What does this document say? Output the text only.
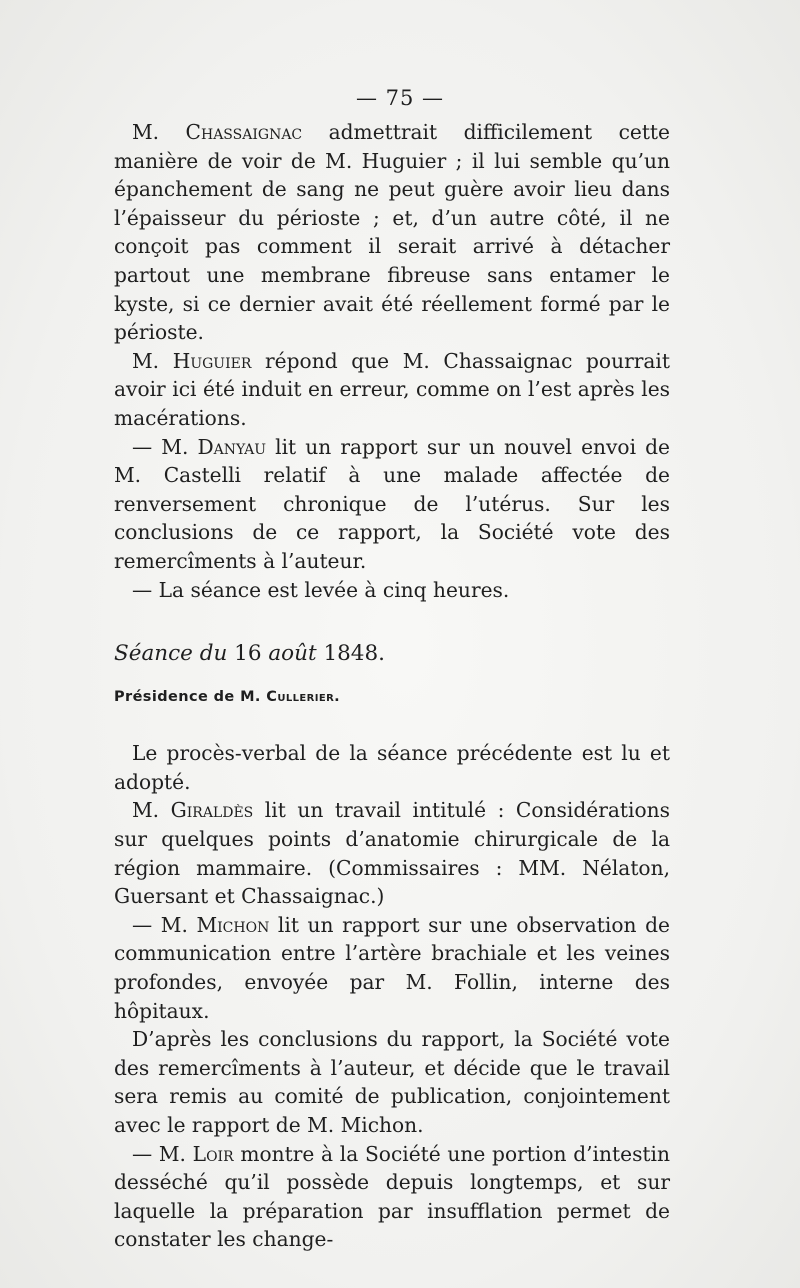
— 75 —

M. Chassaignac admettrait difficilement cette manière de voir de M. Huguier ; il lui semble qu’un épanchement de sang ne peut guère avoir lieu dans l’épaisseur du périoste ; et, d’un autre côté, il ne conçoit pas comment il serait arrivé à détacher partout une membrane fibreuse sans entamer le kyste, si ce dernier avait été réellement formé par le périoste.

M. Huguier répond que M. Chassaignac pourrait avoir ici été induit en erreur, comme on l’est après les macérations.

— M. Danyau lit un rapport sur un nouvel envoi de M. Castelli relatif à une malade affectée de renversement chronique de l’utérus. Sur les conclusions de ce rapport, la Société vote des remercîments à l’auteur.

— La séance est levée à cinq heures.

Séance du 16 août 1848.

Présidence de M. Cullerier.

Le procès-verbal de la séance précédente est lu et adopté.

M. Giraldès lit un travail intitulé : Considérations sur quelques points d’anatomie chirurgicale de la région mammaire. (Commissaires : MM. Nélaton, Guersant et Chassaignac.)

— M. Michon lit un rapport sur une observation de communication entre l’artère brachiale et les veines profondes, envoyée par M. Follin, interne des hôpitaux.

D’après les conclusions du rapport, la Société vote des remercîments à l’auteur, et décide que le travail sera remis au comité de publication, conjointement avec le rapport de M. Michon.

— M. Loir montre à la Société une portion d’intestin desséché qu’il possède depuis longtemps, et sur laquelle la préparation par insufflation permet de constater les change-
